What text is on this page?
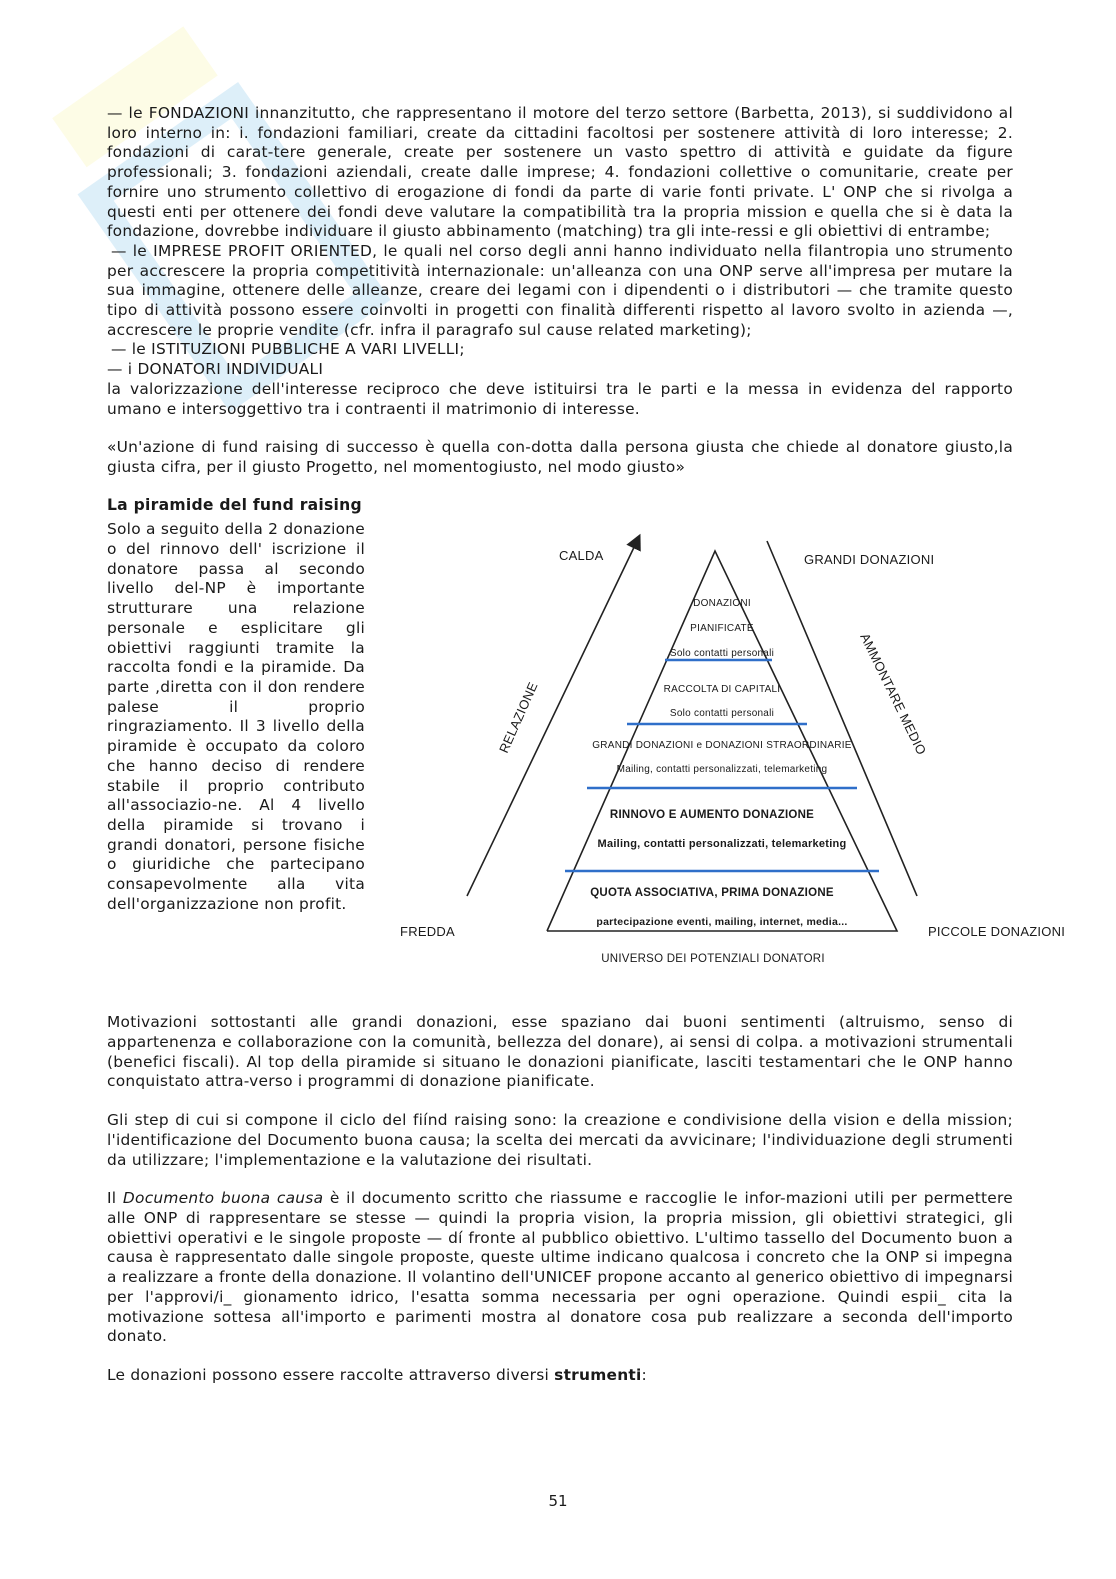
— le FONDAZIONI innanzitutto, che rappresentano il motore del terzo settore (Barbetta, 2013), si suddividono al loro interno in: i. fondazioni familiari, create da cittadini facoltosi per sostenere attività di loro interesse; 2. fondazioni di carat-tere generale, create per sostenere un vasto spettro di attività e guidate da figure professionali; 3. fondazioni aziendali, create dalle imprese; 4. fondazioni collettive o comunitarie, create per fornire uno strumento collettivo di erogazione di fondi da parte di varie fonti private. L' ONP che si rivolga a questi enti per ottenere dei fondi deve valutare la compatibilità tra la propria mission e quella che si è data la fondazione, dovrebbe individuare il giusto abbinamento (matching) tra gli inte-ressi e gli obiettivi di entrambe;

— le IMPRESE PROFIT ORIENTED, le quali nel corso degli anni hanno individuato nella filantropia uno strumento per accrescere la propria competitività internazionale: un'alleanza con una ONP serve all'impresa per mutare la sua immagine, ottenere delle alleanze, creare dei legami con i dipendenti o i distributori — che tramite questo tipo di attività possono essere coinvolti in progetti con finalità differenti rispetto al lavoro svolto in azienda —, accrescere le proprie vendite (cfr. infra il paragrafo sul cause related marketing);

— le ISTITUZIONI PUBBLICHE A VARI LIVELLI;

— i DONATORI INDIVIDUALI

la valorizzazione dell'interesse reciproco che deve istituirsi tra le parti e la messa in evidenza del rapporto umano e intersoggettivo tra i contraenti il matrimonio di interesse.

«Un'azione di fund raising di successo è quella con-dotta dalla persona giusta che chiede al donatore giusto,la giusta cifra, per il giusto Progetto, nel momentogiusto, nel modo giusto»

La piramide del fund raising

Solo a seguito della 2 donazione o del rinnovo dell' iscrizione il donatore passa al secondo livello del-NP è importante strutturare una relazione personale e esplicitare gli obiettivi raggiunti tramite la raccolta fondi e la piramide. Da parte ,diretta con il don rendere palese il proprio ringraziamento. Il 3 livello della piramide è occupato da coloro che hanno deciso di rendere stabile il proprio contributo all'associazio-ne. Al 4 livello della piramide si trovano i grandi donatori, persone fisiche o giuridiche che partecipano consapevolmente alla vita dell'organizzazione non profit.

CALDA	GRANDI DONAZIONI
FREDDA	PICCOLE DONAZIONI
RELAZIONE	AMMONTARE MEDIO
DONAZIONI
PIANIFICATE
Solo contatti personali
RACCOLTA DI CAPITALI
Solo contatti personali
GRANDI DONAZIONI e DONAZIONI STRAORDINARIE
Mailing, contatti personalizzati, telemarketing
RINNOVO E AUMENTO DONAZIONE
Mailing, contatti personalizzati, telemarketing
QUOTA ASSOCIATIVA, PRIMA DONAZIONE
partecipazione eventi, mailing, internet, media...
UNIVERSO DEI POTENZIALI DONATORI

Motivazioni sottostanti alle grandi donazioni, esse spaziano dai buoni sentimenti (altruismo, senso di appartenenza e collaborazione con la comunità, bellezza del donare), ai sensi di colpa. a motivazioni strumentali (benefici fiscali). Al top della piramide si situano le donazioni pianificate, lasciti testamentari che le ONP hanno conquistato attra-verso i programmi di donazione pianificate.

Gli step di cui si compone il ciclo del fiínd raising sono: la creazione e condivisione della vision e della mission; l'identificazione del Documento buona causa; la scelta dei mercati da avvicinare; l'individuazione degli strumenti da utilizzare; l'implementazione e la valutazione dei risultati.

Il Documento buona causa è il documento scritto che riassume e raccoglie le infor-mazioni utili per permettere alle ONP di rappresentare se stesse — quindi la propria vision, la propria mission, gli obiettivi strategici, gli obiettivi operativi e le singole proposte — dí fronte al pubblico obiettivo. L'ultimo tassello del Documento buon a causa è rappresentato dalle singole proposte, queste ultime indicano qualcosa i concreto che la ONP si impegna a realizzare a fronte della donazione. Il volantino dell'UNICEF propone accanto al generico obiettivo di impegnarsi per l'approvi/i_ gionamento idrico, l'esatta somma necessaria per ogni operazione. Quindi espii_ cita la motivazione sottesa all'importo e parimenti mostra al donatore cosa pub realizzare a seconda dell'importo donato.

Le donazioni possono essere raccolte attraverso diversi strumenti:

51
